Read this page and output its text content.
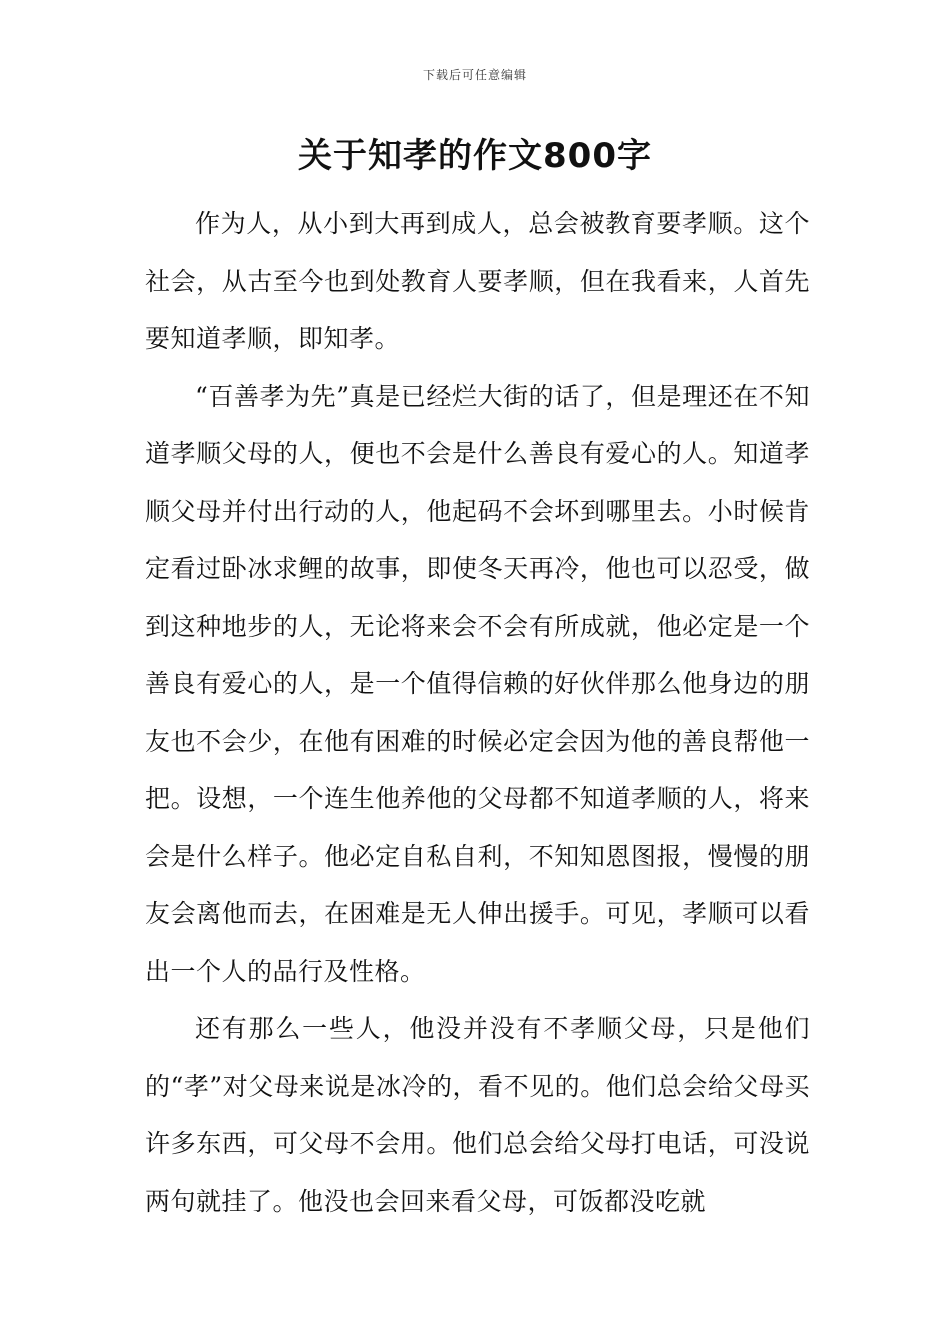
下载后可任意编辑
关于知孝的作文800字

作为人，从小到大再到成人，总会被教育要孝顺。这个社会，从古至今也到处教育人要孝顺，但在我看来，人首先要知道孝顺，即知孝。

“百善孝为先”真是已经烂大街的话了，但是理还在不知道孝顺父母的人，便也不会是什么善良有爱心的人。知道孝顺父母并付出行动的人，他起码不会坏到哪里去。小时候肯定看过卧冰求鲤的故事，即使冬天再冷，他也可以忍受，做到这种地步的人，无论将来会不会有所成就，他必定是一个善良有爱心的人，是一个值得信赖的好伙伴那么他身边的朋友也不会少，在他有困难的时候必定会因为他的善良帮他一把。设想，一个连生他养他的父母都不知道孝顺的人，将来会是什么样子。他必定自私自利，不知知恩图报，慢慢的朋友会离他而去，在困难是无人伸出援手。可见，孝顺可以看出一个人的品行及性格。

还有那么一些人，他没并没有不孝顺父母，只是他们的“孝”对父母来说是冰冷的，看不见的。他们总会给父母买许多东西，可父母不会用。他们总会给父母打电话，可没说两句就挂了。他没也会回来看父母，可饭都没吃就
